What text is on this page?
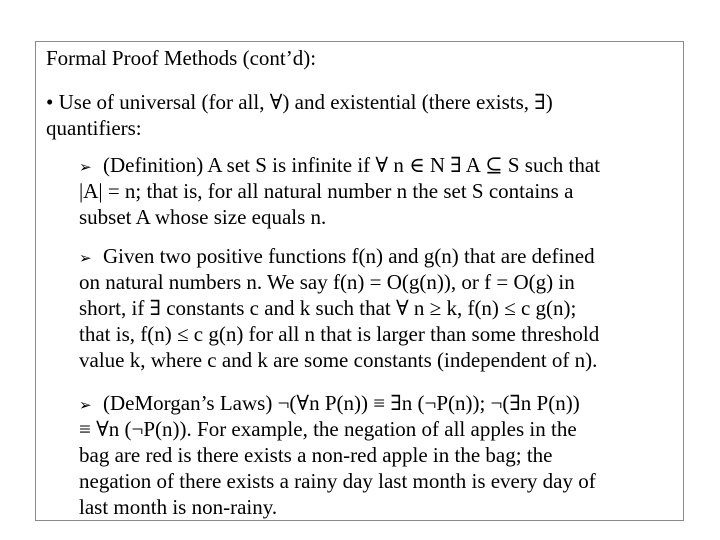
Formal Proof Methods (cont’d):
• Use of universal (for all, ∀) and existential (there exists, ∃)
quantifiers:
➢ (Definition) A set S is infinite if ∀ n ∈ N ∃ A ⊆ S such that
|A| = n; that is, for all natural number n the set S contains a
subset A whose size equals n.
➢ Given two positive functions f(n) and g(n) that are defined
on natural numbers n. We say f(n) = O(g(n)), or f = O(g) in
short, if ∃ constants c and k such that ∀ n ≥ k, f(n) ≤ c g(n);
that is, f(n) ≤ c g(n) for all n that is larger than some threshold
value k, where c and k are some constants (independent of n).
➢ (DeMorgan’s Laws) ¬(∀n P(n)) ≡ ∃n (¬P(n)); ¬(∃n P(n))
≡ ∀n (¬P(n)). For example, the negation of all apples in the
bag are red is there exists a non-red apple in the bag; the
negation of there exists a rainy day last month is every day of
last month is non-rainy.
